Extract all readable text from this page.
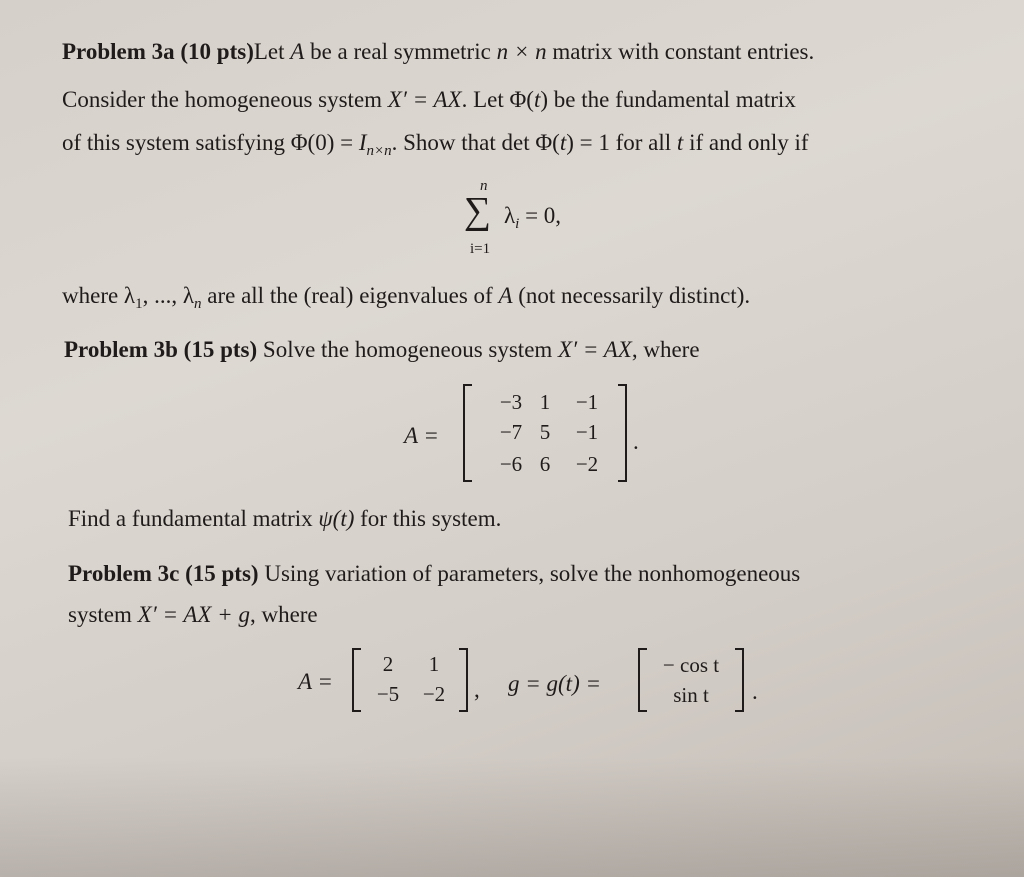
Problem 3a (10 pts)Let A be a real symmetric n × n matrix with constant entries.
Consider the homogeneous system X′ = AX. Let Φ(t) be the fundamental matrix
of this system satisfying $\Phi(0) = I_{n\times n}$. Show that det Φ(t) = 1 for all t if and only if
n
∑
i=1
$\lambda_i = 0$,
where $\lambda_1$, ..., $\lambda_n$ are all the (real) eigenvalues of A (not necessarily distinct).
Problem 3b (15 pts) Solve the homogeneous system X′ = AX, where
A =
−3 1	−1
−7 5	−1
−6 6	−2
.
Find a fundamental matrix ψ(t) for this system.
Problem 3c (15 pts) Using variation of parameters, solve the nonhomogeneous
system X′ = AX + g, where
A =
2	1
−5	−2	, g = g(t) =
− cos t
sin t	.
